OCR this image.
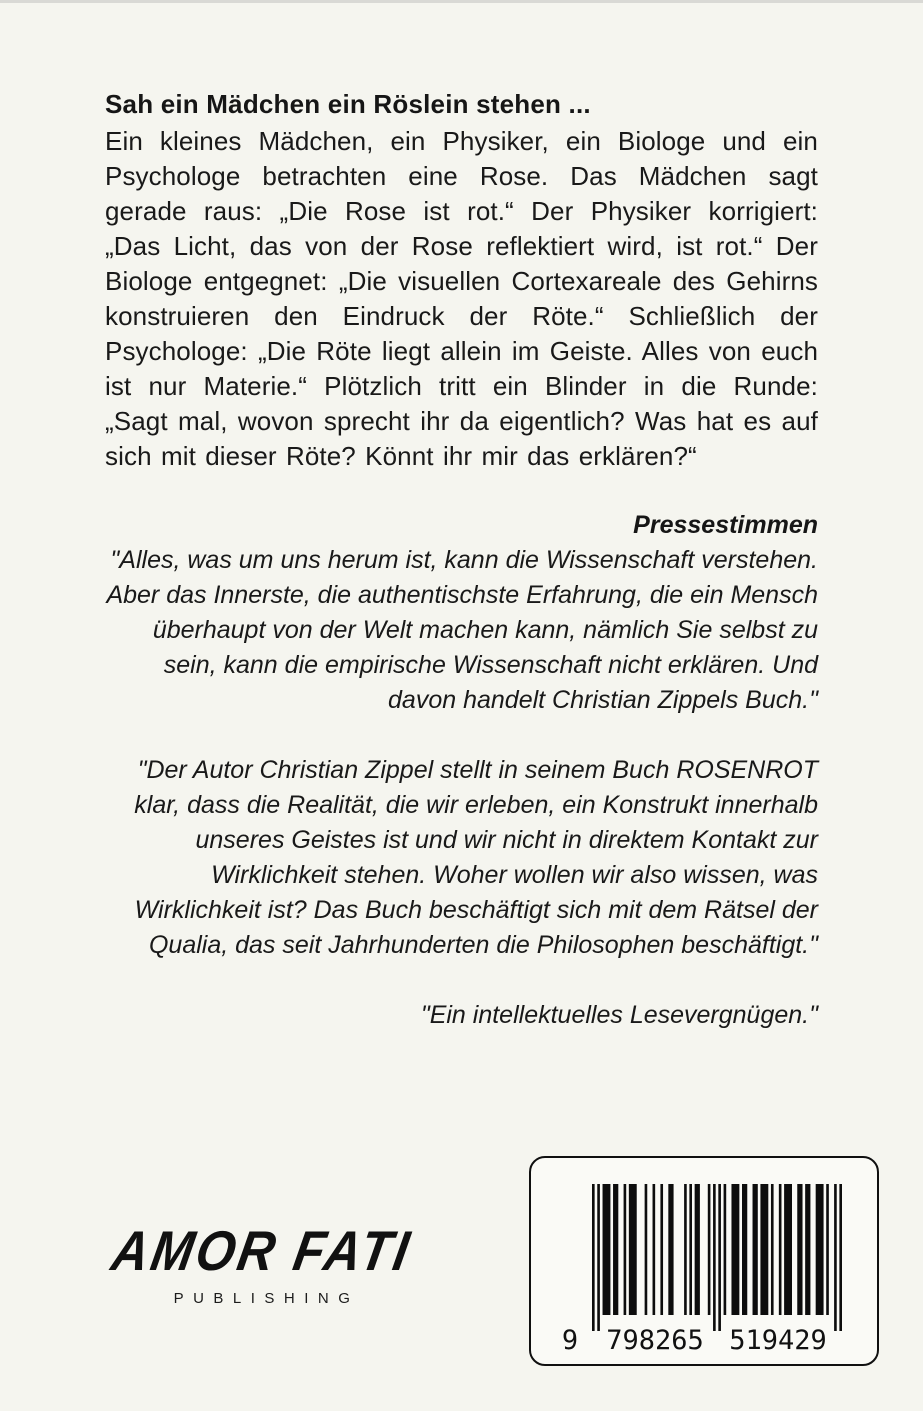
Sah ein Mädchen ein Röslein stehen ...

Ein kleines Mädchen, ein Physiker, ein Biologe und ein Psychologe betrachten eine Rose. Das Mädchen sagt gerade raus: „Die Rose ist rot.“ Der Physiker korrigiert: „Das Licht, das von der Rose reflektiert wird, ist rot.“ Der Biologe entgegnet: „Die visuellen Cortexareale des Gehirns konstruieren den Eindruck der Röte.“ Schließlich der Psychologe: „Die Röte liegt allein im Geiste. Alles von euch ist nur Materie.“ Plötzlich tritt ein Blinder in die Runde: „Sagt mal, wovon sprecht ihr da eigentlich? Was hat es auf sich mit dieser Röte? Könnt ihr mir das erklären?“

Pressestimmen

"Alles, was um uns herum ist, kann die Wissenschaft verstehen. Aber das Innerste, die authentischste Erfahrung, die ein Mensch überhaupt von der Welt machen kann, nämlich Sie selbst zu sein, kann die empirische Wissenschaft nicht erklären. Und davon handelt Christian Zippels Buch."

"Der Autor Christian Zippel stellt in seinem Buch ROSENROT klar, dass die Realität, die wir erleben, ein Konstrukt innerhalb unseres Geistes ist und wir nicht in direktem Kontakt zur Wirklichkeit stehen. Woher wollen wir also wissen, was Wirklichkeit ist? Das Buch beschäftigt sich mit dem Rätsel der Qualia, das seit Jahrhunderten die Philosophen beschäftigt."

"Ein intellektuelles Lesevergnügen."

AMOR FATI
PUBLISHING
9 798265 519429
